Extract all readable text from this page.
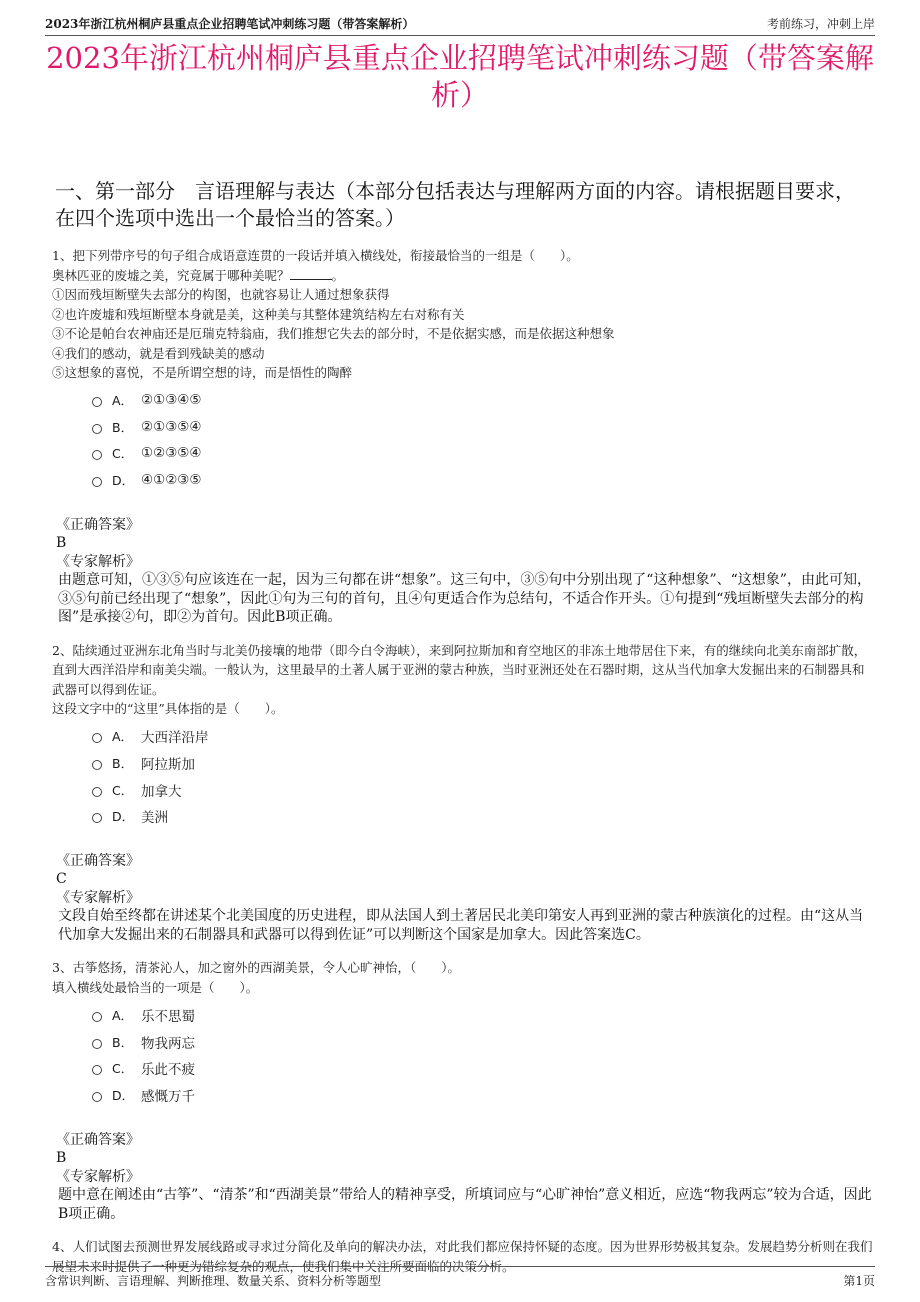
2023年浙江杭州桐庐县重点企业招聘笔试冲刺练习题（带答案解析）	考前练习，冲刺上岸
2023年浙江杭州桐庐县重点企业招聘笔试冲刺练习题（带答案解析）
一、第一部分　言语理解与表达（本部分包括表达与理解两方面的内容。请根据题目要求，在四个选项中选出一个最恰当的答案。）
1、把下列带序号的句子组合成语意连贯的一段话并填入横线处，衔接最恰当的一组是（　　）。
奥林匹亚的废墟之美，究竟属于哪种美呢？	。
①因而残垣断壁失去部分的构图，也就容易让人通过想象获得
②也许废墟和残垣断壁本身就是美，这种美与其整体建筑结构左右对称有关
③不论是帕台农神庙还是厄瑞克特翁庙，我们推想它失去的部分时，不是依据实感，而是依据这种想象
④我们的感动，就是看到残缺美的感动
⑤这想象的喜悦，不是所谓空想的诗，而是悟性的陶醉
A． ②①③④⑤
B． ②①③⑤④
C． ①②③⑤④
D． ④①②③⑤
《正确答案》
B
《专家解析》
由题意可知，①③⑤句应该连在一起，因为三句都在讲“想象”。这三句中，③⑤句中分别出现了“这种想象”、“这想象”，由此可知，③⑤句前已经出现了“想象”，因此①句为三句的首句，且④句更适合作为总结句，不适合作开头。①句提到“残垣断壁失去部分的构图”是承接②句，即②为首句。因此B项正确。
2、陆续通过亚洲东北角当时与北美仍接壤的地带（即今白令海峡），来到阿拉斯加和育空地区的非冻土地带居住下来，有的继续向北美东南部扩散，直到大西洋沿岸和南美尖端。一般认为，这里最早的土著人属于亚洲的蒙古种族，当时亚洲还处在石器时期，这从当代加拿大发掘出来的石制器具和武器可以得到佐证。
这段文字中的“这里”具体指的是（　　）。
A． 大西洋沿岸
B． 阿拉斯加
C． 加拿大
D． 美洲
《正确答案》
C
《专家解析》
文段自始至终都在讲述某个北美国度的历史进程，即从法国人到土著居民北美印第安人再到亚洲的蒙古种族演化的过程。由“这从当代加拿大发掘出来的石制器具和武器可以得到佐证”可以判断这个国家是加拿大。因此答案选C。
3、古筝悠扬，清茶沁人，加之窗外的西湖美景，令人心旷神怡，（　　）。
填入横线处最恰当的一项是（　　）。
A． 乐不思蜀
B． 物我两忘
C． 乐此不疲
D． 感慨万千
《正确答案》
B
《专家解析》
题中意在阐述由“古筝”、“清茶”和“西湖美景”带给人的精神享受，所填词应与“心旷神怡”意义相近，应选“物我两忘”较为合适，因此B项正确。
4、人们试图去预测世界发展线路或寻求过分简化及单向的解决办法，对此我们都应保持怀疑的态度。因为世界形势极其复杂。发展趋势分析则在我们展望未来时提供了一种更为错综复杂的观点，使我们集中关注所要面临的决策分析。
含常识判断、言语理解、判断推理、数量关系、资料分析等题型	第1页
